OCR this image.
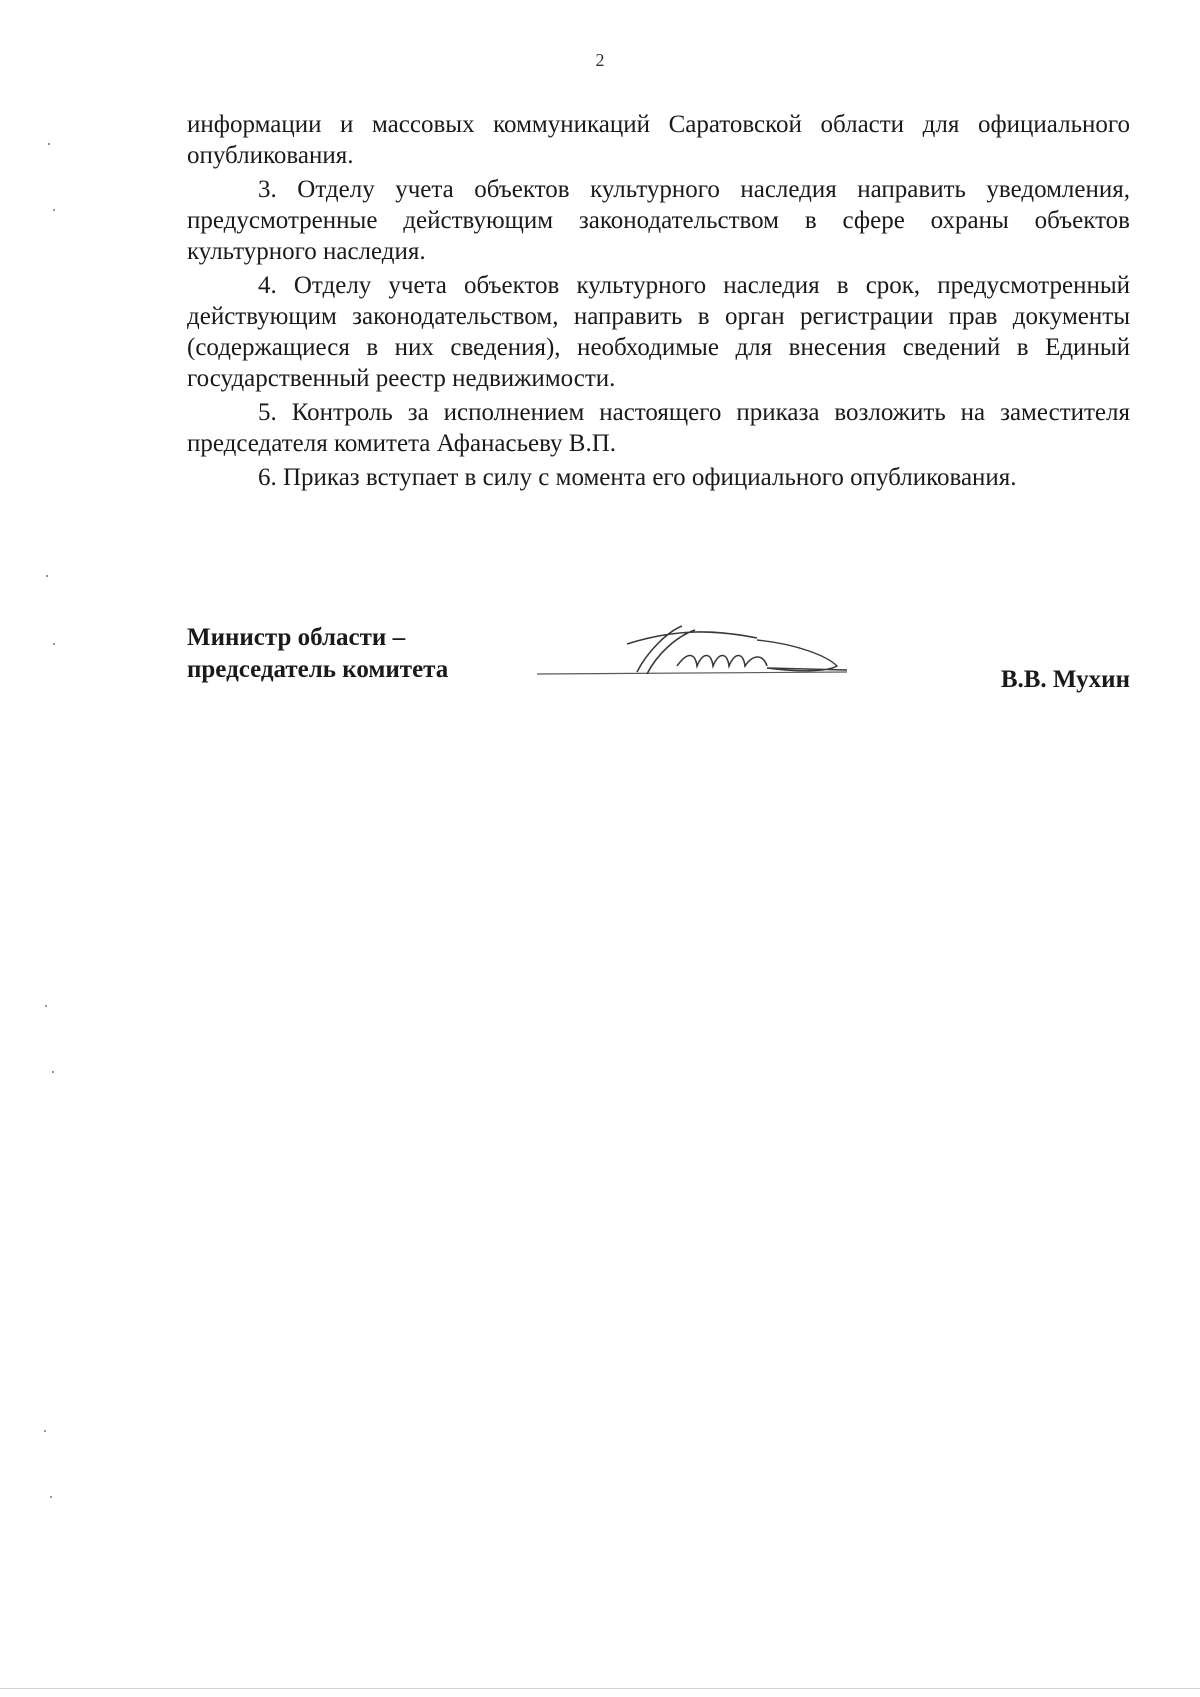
2

информации и массовых коммуникаций Саратовской области для официального опубликования.

3. Отделу учета объектов культурного наследия направить уведомления, предусмотренные действующим законодательством в сфере охраны объектов культурного наследия.

4. Отделу учета объектов культурного наследия в срок, предусмотренный действующим законодательством, направить в орган регистрации прав документы (содержащиеся в них сведения), необходимые для внесения сведений в Единый государственный реестр недвижимости.

5. Контроль за исполнением настоящего приказа возложить на заместителя председателя комитета Афанасьеву В.П.

6. Приказ вступает в силу с момента его официального опубликования.

Министр области –
председатель комитета	В.В. Мухин
